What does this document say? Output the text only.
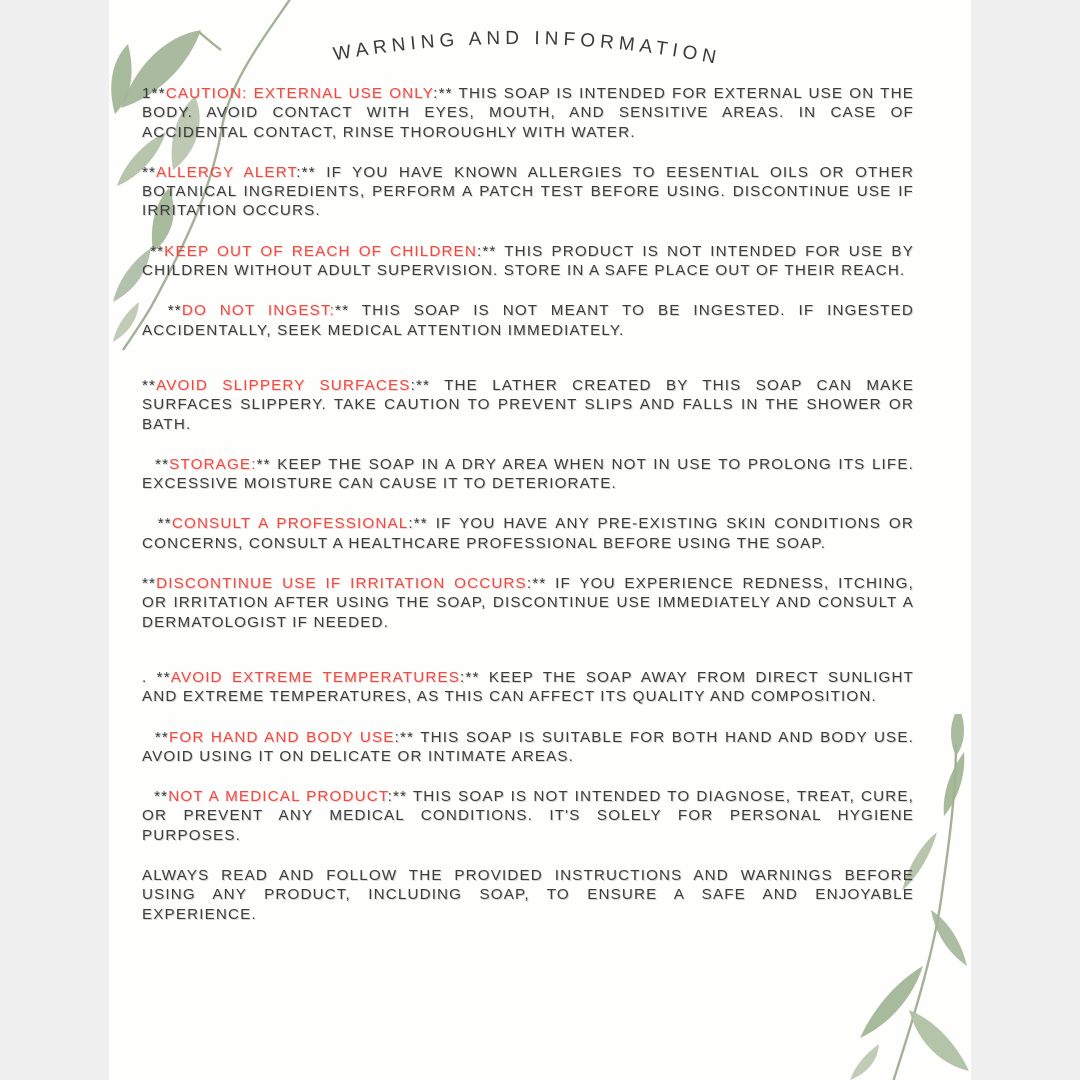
WARNING AND INFORMATION

1**CAUTION: EXTERNAL USE ONLY:** THIS SOAP IS INTENDED FOR EXTERNAL USE ON THE BODY. AVOID CONTACT WITH EYES, MOUTH, AND SENSITIVE AREAS. IN CASE OF ACCIDENTAL CONTACT, RINSE THOROUGHLY WITH WATER.

**ALLERGY ALERT:** IF YOU HAVE KNOWN ALLERGIES TO EESENTIAL OILS OR OTHER BOTANICAL INGREDIENTS, PERFORM A PATCH TEST BEFORE USING. DISCONTINUE USE IF IRRITATION OCCURS.

**KEEP OUT OF REACH OF CHILDREN:** THIS PRODUCT IS NOT INTENDED FOR USE BY CHILDREN WITHOUT ADULT SUPERVISION. STORE IN A SAFE PLACE OUT OF THEIR REACH.

**DO NOT INGEST:** THIS SOAP IS NOT MEANT TO BE INGESTED. IF INGESTED ACCIDENTALLY, SEEK MEDICAL ATTENTION IMMEDIATELY.

**AVOID SLIPPERY SURFACES:** THE LATHER CREATED BY THIS SOAP CAN MAKE SURFACES SLIPPERY. TAKE CAUTION TO PREVENT SLIPS AND FALLS IN THE SHOWER OR BATH.

**STORAGE:** KEEP THE SOAP IN A DRY AREA WHEN NOT IN USE TO PROLONG ITS LIFE. EXCESSIVE MOISTURE CAN CAUSE IT TO DETERIORATE.

**CONSULT A PROFESSIONAL:** IF YOU HAVE ANY PRE-EXISTING SKIN CONDITIONS OR CONCERNS, CONSULT A HEALTHCARE PROFESSIONAL BEFORE USING THE SOAP.

**DISCONTINUE USE IF IRRITATION OCCURS:** IF YOU EXPERIENCE REDNESS, ITCHING, OR IRRITATION AFTER USING THE SOAP, DISCONTINUE USE IMMEDIATELY AND CONSULT A DERMATOLOGIST IF NEEDED.

. **AVOID EXTREME TEMPERATURES:** KEEP THE SOAP AWAY FROM DIRECT SUNLIGHT AND EXTREME TEMPERATURES, AS THIS CAN AFFECT ITS QUALITY AND COMPOSITION.

**FOR HAND AND BODY USE:** THIS SOAP IS SUITABLE FOR BOTH HAND AND BODY USE. AVOID USING IT ON DELICATE OR INTIMATE AREAS.

**NOT A MEDICAL PRODUCT:** THIS SOAP IS NOT INTENDED TO DIAGNOSE, TREAT, CURE, OR PREVENT ANY MEDICAL CONDITIONS. IT'S SOLELY FOR PERSONAL HYGIENE PURPOSES.

ALWAYS READ AND FOLLOW THE PROVIDED INSTRUCTIONS AND WARNINGS BEFORE USING ANY PRODUCT, INCLUDING SOAP, TO ENSURE A SAFE AND ENJOYABLE EXPERIENCE.
